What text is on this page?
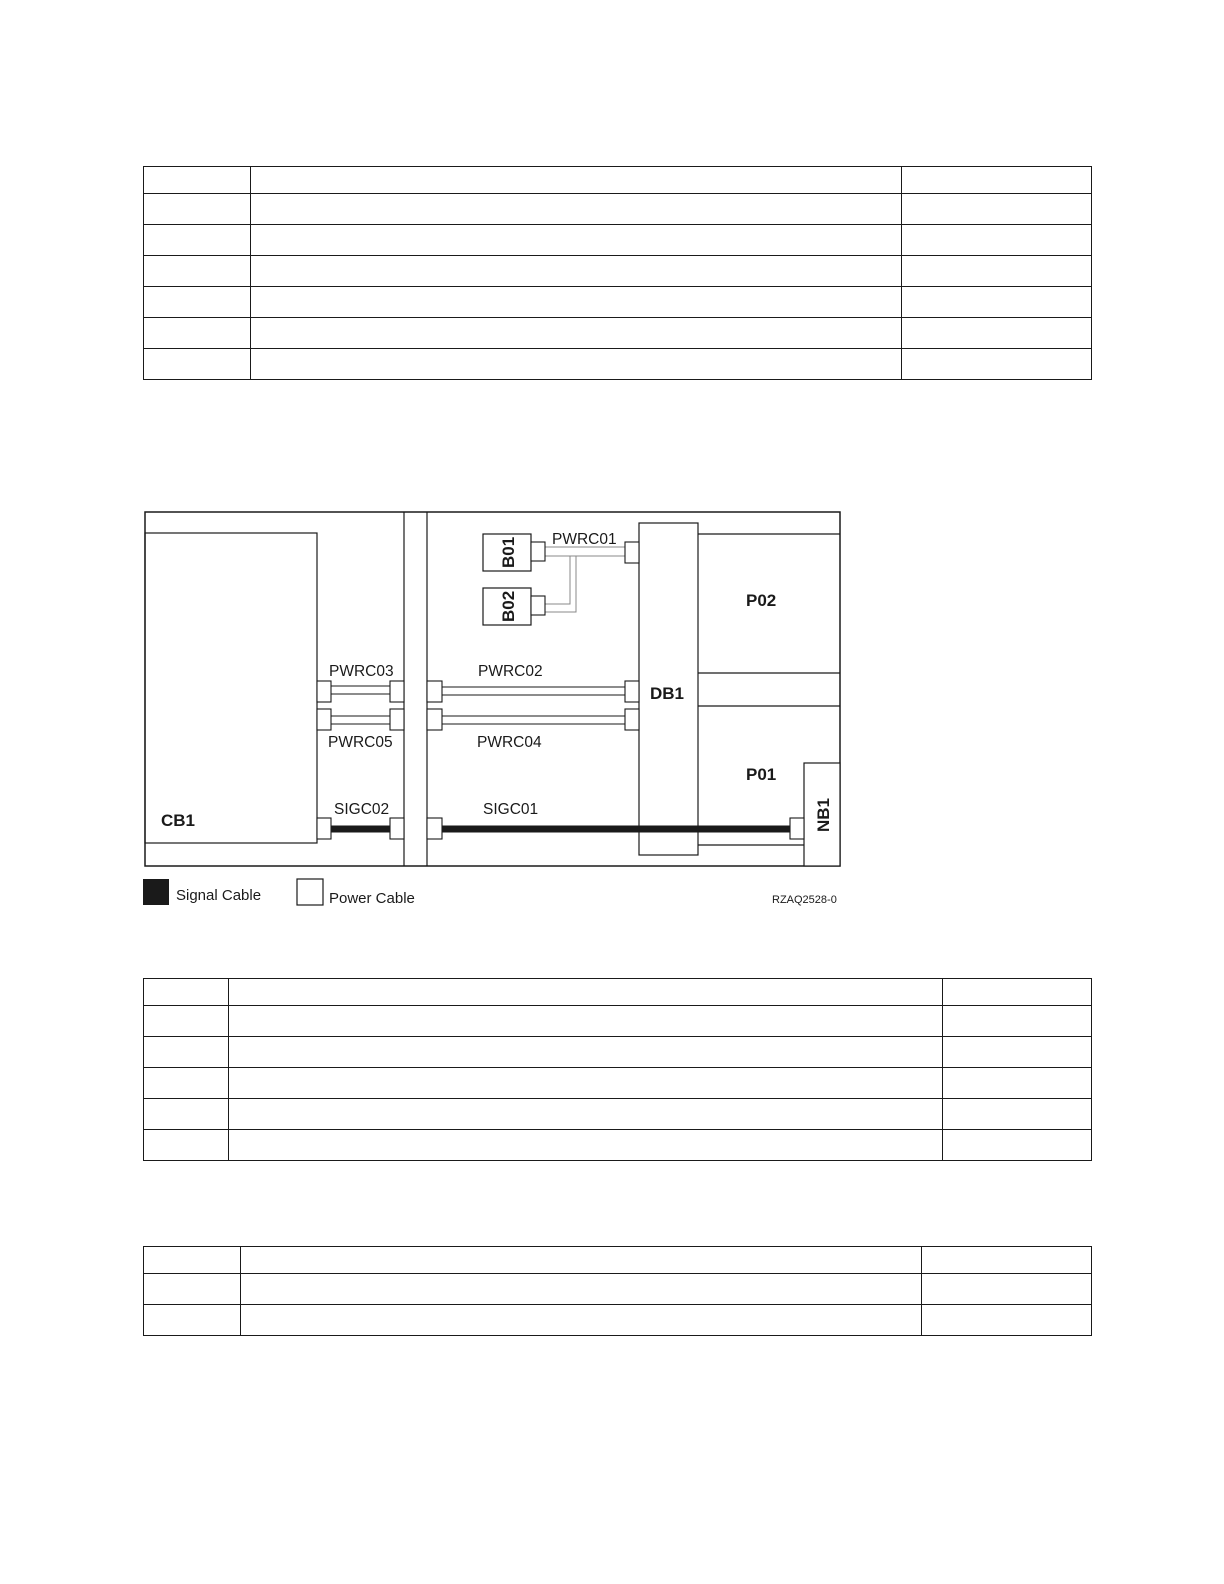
CB1
DB1
P02
P01
B01
B02
NB1
PWRC01
PWRC03	PWRC02
PWRC05	PWRC04
SIGC02	SIGC01
Signal Cable	Power Cable	RZAQ2528-0
